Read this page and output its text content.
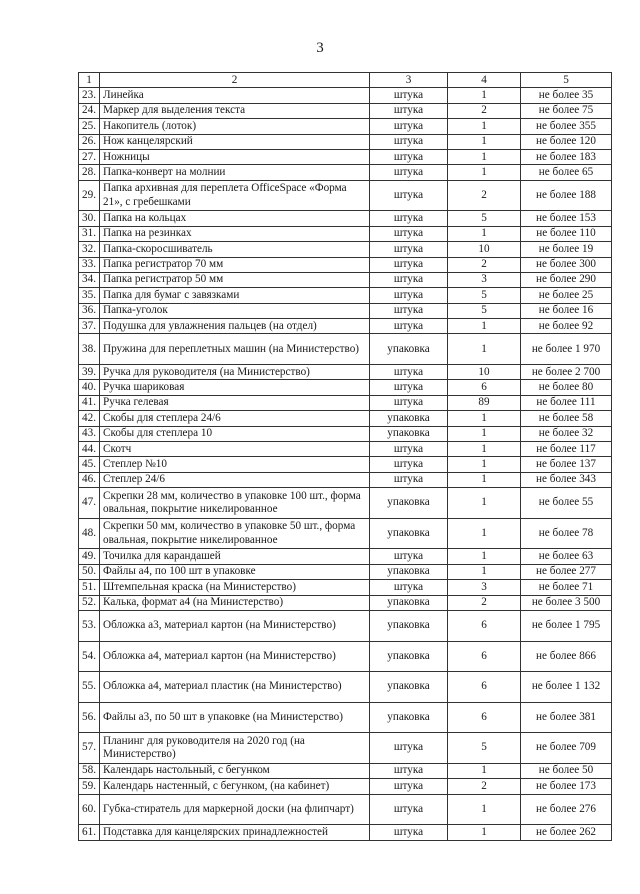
3
1	2	3	4	5
23.	Линейка	штука	1	не более 35
24.	Маркер для выделения текста	штука	2	не более 75
25.	Накопитель (лоток)	штука	1	не более 355
26.	Нож канцелярский	штука	1	не более 120
27.	Ножницы	штука	1	не более 183
28.	Папка-конверт на молнии	штука	1	не более 65
29.	Папка архивная для переплета OfficeSpace «Форма 21», с гребешками	штука	2	не более 188
30.	Папка на кольцах	штука	5	не более 153
31.	Папка на резинках	штука	1	не более 110
32.	Папка-скоросшиватель	штука	10	не более 19
33.	Папка регистратор 70 мм	штука	2	не более 300
34.	Папка регистратор 50 мм	штука	3	не более 290
35.	Папка для бумаг с завязками	штука	5	не более 25
36.	Папка-уголок	штука	5	не более 16
37.	Подушка для увлажнения пальцев (на отдел)	штука	1	не более 92
38.	Пружина для переплетных машин (на Министерство)	упаковка	1	не более 1 970
39.	Ручка для руководителя (на Министерство)	штука	10	не более 2 700
40.	Ручка шариковая	штука	6	не более 80
41.	Ручка гелевая	штука	89	не более 111
42.	Скобы для степлера 24/6	упаковка	1	не более 58
43.	Скобы для степлера 10	упаковка	1	не более 32
44.	Скотч	штука	1	не более 117
45.	Степлер №10	штука	1	не более 137
46.	Степлер 24/6	штука	1	не более 343
47.	Скрепки 28 мм, количество в упаковке 100 шт., форма овальная, покрытие никелированное	упаковка	1	не более 55
48.	Скрепки 50 мм, количество в упаковке 50 шт., форма овальная, покрытие никелированное	упаковка	1	не более 78
49.	Точилка для карандашей	штука	1	не более 63
50.	Файлы а4, по 100 шт в упаковке	упаковка	1	не более 277
51.	Штемпельная краска (на Министерство)	штука	3	не более 71
52.	Калька, формат а4 (на Министерство)	упаковка	2	не более 3 500
53.	Обложка а3, материал картон (на Министерство)	упаковка	6	не более 1 795
54.	Обложка а4, материал картон (на Министерство)	упаковка	6	не более 866
55.	Обложка а4, материал пластик (на Министерство)	упаковка	6	не более 1 132
56.	Файлы а3, по 50 шт в упаковке (на Министерство)	упаковка	6	не более 381
57.	Планинг для руководителя на 2020 год (на Министерство)	штука	5	не более 709
58.	Календарь настольный, с бегунком	штука	1	не более 50
59.	Календарь настенный, с бегунком, (на кабинет)	штука	2	не более 173
60.	Губка-стиратель для маркерной доски (на флипчарт)	штука	1	не более 276
61.	Подставка для канцелярских принадлежностей	штука	1	не более 262
